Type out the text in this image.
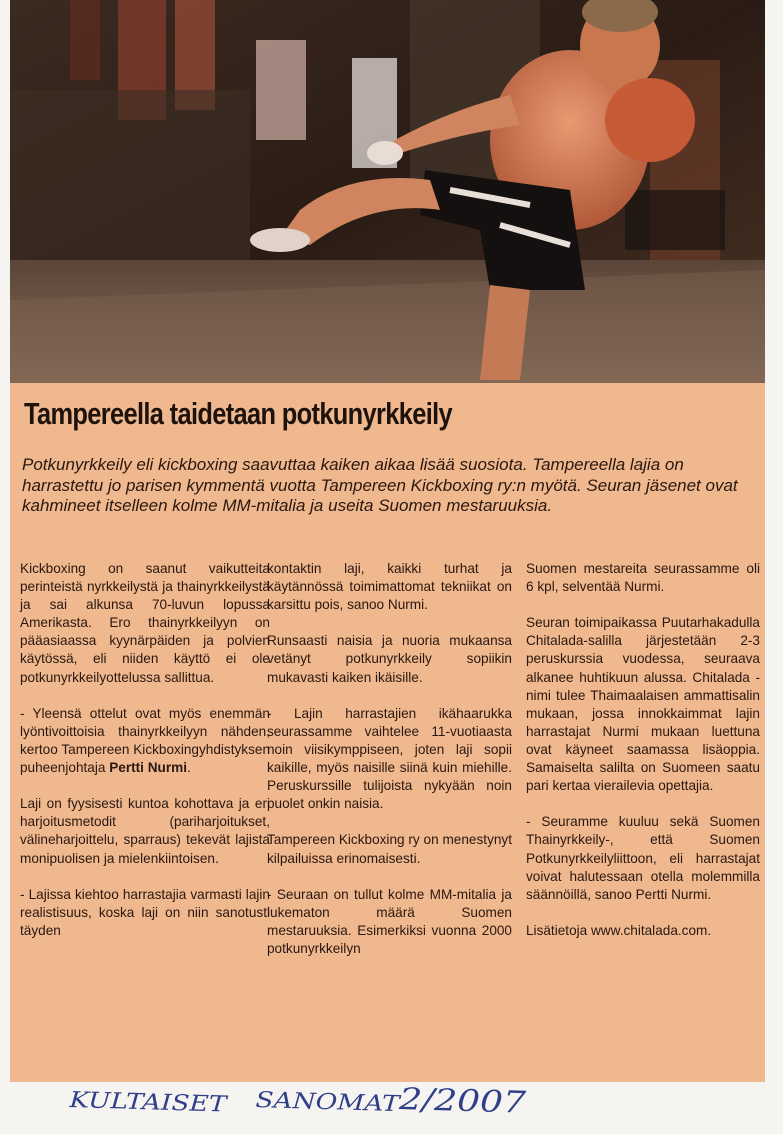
Tampereella taidetaan potkunyrkkeily

Potkunyrkkeily eli kickboxing saavuttaa kaiken aikaa lisää suosiota. Tampereella lajia on harrastettu jo parisen kymmentä vuotta Tampereen Kickboxing ry:n myötä. Seuran jäsenet ovat kahmineet itselleen kolme MM-mitalia ja useita Suomen mestaruuksia.

Kickboxing on saanut vaikutteita perinteistä nyrkkeilystä ja thainyrkkeilystä ja sai alkunsa 70-luvun lopussa Amerikasta. Ero thainyrkkeilyyn on pääasiaassa kyynärpäiden ja polvien käytössä, eli niiden käyttö ei ole potkunyrkkeilyottelussa sallittua.

- Yleensä ottelut ovat myös enemmän lyöntivoittoisia thainyrkkeilyyn nähden, kertoo Tampereen Kickboxingyhdistyksen puheenjohtaja Pertti Nurmi.

Laji on fyysisesti kuntoa kohottava ja eri harjoitusmetodit (pariharjoitukset, välineharjoittelu, sparraus) tekevät lajista monipuolisen ja mielenkiintoisen.

- Lajissa kiehtoo harrastajia varmasti lajin realistisuus, koska laji on niin sanotusti täyden

kontaktin laji, kaikki turhat ja käytännössä toimimattomat tekniikat on karsittu pois, sanoo Nurmi.

Runsaasti naisia ja nuoria mukaansa vetänyt potkunyrkkeily sopiikin mukavasti kaiken ikäisille.

- Lajin harrastajien ikähaarukka seurassamme vaihtelee 11-vuotiaasta noin viisikymppiseen, joten laji sopii kaikille, myös naisille siinä kuin miehille. Peruskurssille tulijoista nykyään noin puolet onkin naisia.

Tampereen Kickboxing ry on menestynyt kilpailuissa erinomaisesti.

- Seuraan on tullut kolme MM-mitalia ja lukematon määrä Suomen mestaruuksia. Esimerkiksi vuonna 2000 potkunyrkkeilyn

Suomen mestareita seurassamme oli 6 kpl, selventää Nurmi.

Seuran toimipaikassa Puutarhakadulla Chitalada-salilla järjestetään 2-3 peruskurssia vuodessa, seuraava alkanee huhtikuun alussa. Chitalada -nimi tulee Thaimaalaisen ammattisalin mukaan, jossa innokkaimmat lajin harrastajat Nurmi mukaan luettuna ovat käyneet saamassa lisäoppia. Samaiselta salilta on Suomeen saatu pari kertaa vierailevia opettajia.

- Seuramme kuuluu sekä Suomen Thainyrkkeily-, että Suomen Potkunyrkkeilyliittoon, eli harrastajat voivat halutessaan otella molemmilla säännöillä, sanoo Pertti Nurmi.

Lisätietoja www.chitalada.com.

KULTAISET SANOMAT
2/2007
